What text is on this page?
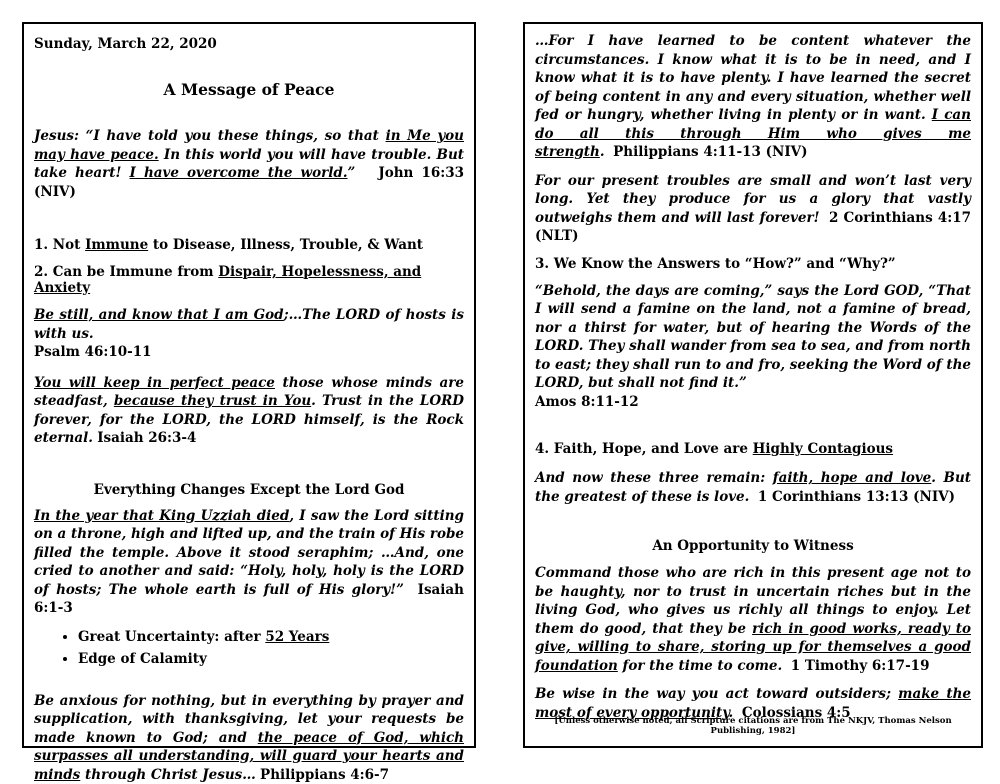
Sunday, March 22, 2020

A Message of Peace

Jesus: “I have told you these things, so that in Me you may have peace. In this world you will have trouble. But take heart! I have overcome the world.” John 16:33 (NIV)

1. Not Immune to Disease, Illness, Trouble, & Want

2. Can be Immune from Dispair, Hopelessness, and Anxiety

Be still, and know that I am God;…The LORD of hosts is with us.
Psalm 46:10-11

You will keep in perfect peace those whose minds are steadfast, because they trust in You. Trust in the LORD forever, for the LORD, the LORD himself, is the Rock eternal. Isaiah 26:3-4

Everything Changes Except the Lord God

In the year that King Uzziah died, I saw the Lord sitting on a throne, high and lifted up, and the train of His robe filled the temple. Above it stood seraphim; …And, one cried to another and said: “Holy, holy, holy is the LORD of hosts; The whole earth is full of His glory!” Isaiah 6:1-3

• Great Uncertainty: after 52 Years
• Edge of Calamity

Be anxious for nothing, but in everything by prayer and supplication, with thanksgiving, let your requests be made known to God; and the peace of God, which surpasses all understanding, will guard your hearts and minds through Christ Jesus… Philippians 4:6-7

…For I have learned to be content whatever the circumstances. I know what it is to be in need, and I know what it is to have plenty. I have learned the secret of being content in any and every situation, whether well fed or hungry, whether living in plenty or in want. I can do all this through Him who gives me strength. Philippians 4:11-13 (NIV)

For our present troubles are small and won’t last very long. Yet they produce for us a glory that vastly outweighs them and will last forever! 2 Corinthians 4:17 (NLT)

3. We Know the Answers to “How?” and “Why?”

“Behold, the days are coming,” says the Lord GOD, “That I will send a famine on the land, not a famine of bread, nor a thirst for water, but of hearing the Words of the LORD. They shall wander from sea to sea, and from north to east; they shall run to and fro, seeking the Word of the LORD, but shall not find it.”
Amos 8:11-12

4. Faith, Hope, and Love are Highly Contagious

And now these three remain: faith, hope and love. But the greatest of these is love. 1 Corinthians 13:13 (NIV)

An Opportunity to Witness

Command those who are rich in this present age not to be haughty, nor to trust in uncertain riches but in the living God, who gives us richly all things to enjoy. Let them do good, that they be rich in good works, ready to give, willing to share, storing up for themselves a good foundation for the time to come. 1 Timothy 6:17-19

Be wise in the way you act toward outsiders; make the most of every opportunity. Colossians 4:5

[Unless otherwise noted, all Scripture citations are from The NKJV, Thomas Nelson Publishing, 1982]
